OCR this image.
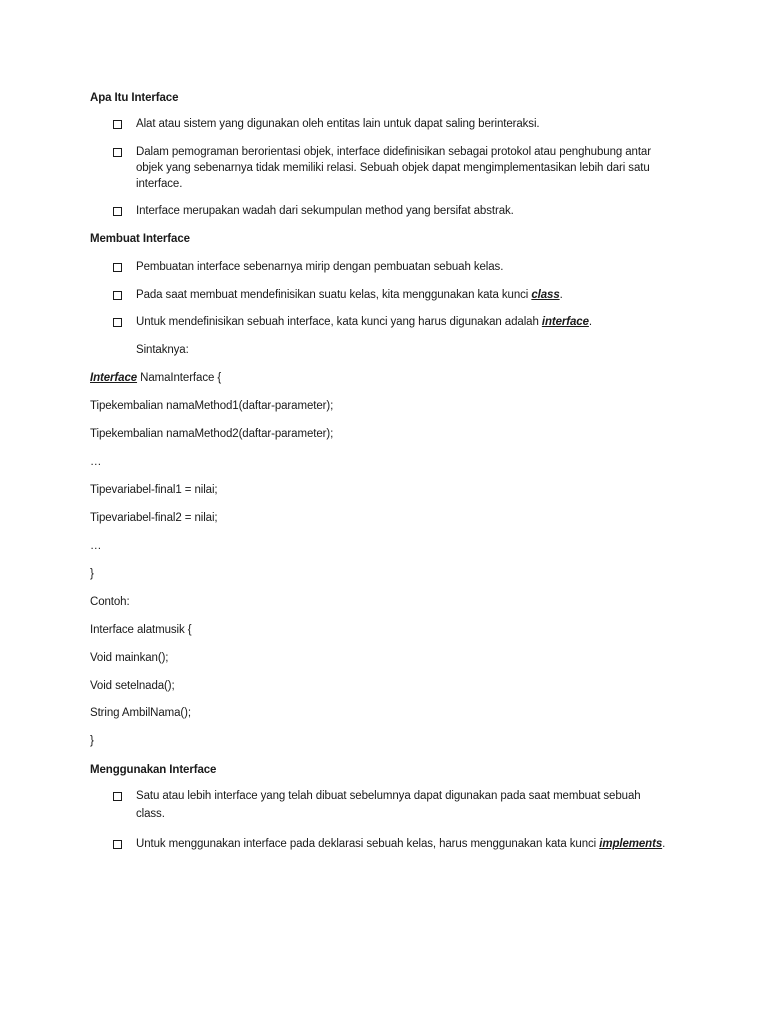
Apa Itu Interface
Alat atau sistem yang digunakan oleh entitas lain untuk dapat saling berinteraksi.
Dalam pemograman berorientasi objek, interface didefinisikan sebagai protokol atau penghubung antar
objek yang sebenarnya tidak memiliki relasi. Sebuah objek dapat mengimplementasikan lebih dari satu
interface.
Interface merupakan wadah dari sekumpulan method yang bersifat abstrak.
Membuat Interface
Pembuatan interface sebenarnya mirip dengan pembuatan sebuah kelas.
Pada saat membuat mendefinisikan suatu kelas, kita menggunakan kata kunci class.
Untuk mendefinisikan sebuah interface, kata kunci yang harus digunakan adalah interface.
Sintaknya:
Interface NamaInterface {
Tipekembalian namaMethod1(daftar-parameter);
Tipekembalian namaMethod2(daftar-parameter);
…
Tipevariabel-final1 = nilai;
Tipevariabel-final2 = nilai;
…
}
Contoh:
Interface alatmusik {
Void mainkan();
Void setelnada();
String AmbilNama();
}
Menggunakan Interface
Satu atau lebih interface yang telah dibuat sebelumnya dapat digunakan pada saat membuat sebuah
class.
Untuk menggunakan interface pada deklarasi sebuah kelas, harus menggunakan kata kunci implements.
